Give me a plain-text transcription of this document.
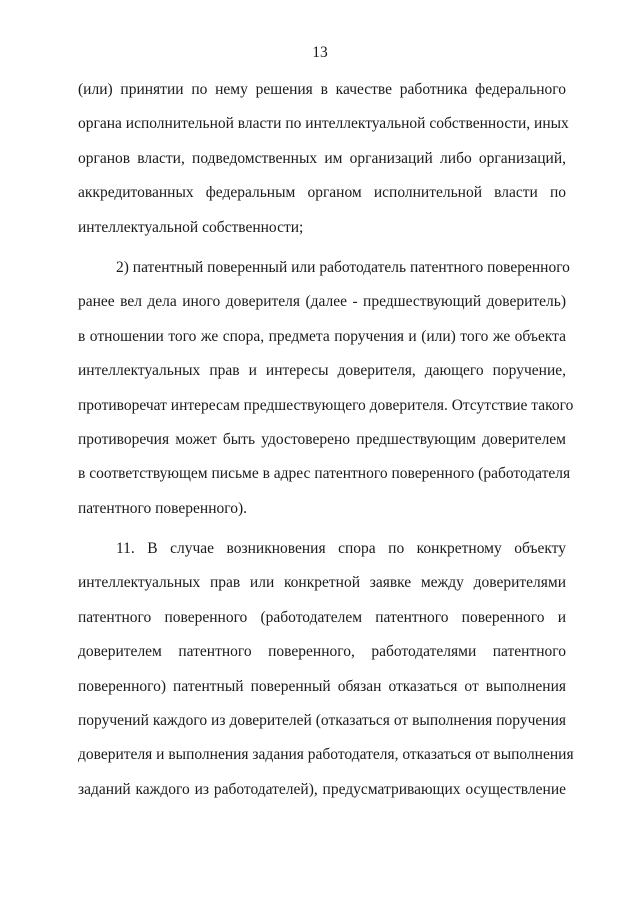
13
(или) принятии по нему решения в качестве работника федерального
органа исполнительной власти по интеллектуальной собственности, иных
органов власти, подведомственных им организаций либо организаций,
аккредитованных федеральным органом исполнительной власти по
интеллектуальной собственности;
2) патентный поверенный или работодатель патентного поверенного
ранее вел дела иного доверителя (далее - предшествующий доверитель)
в отношении того же спора, предмета поручения и (или) того же объекта
интеллектуальных прав и интересы доверителя, дающего поручение,
противоречат интересам предшествующего доверителя. Отсутствие такого
противоречия может быть удостоверено предшествующим доверителем
в соответствующем письме в адрес патентного поверенного (работодателя
патентного поверенного).
11. В случае возникновения спора по конкретному объекту
интеллектуальных прав или конкретной заявке между доверителями
патентного поверенного (работодателем патентного поверенного и
доверителем патентного поверенного, работодателями патентного
поверенного) патентный поверенный обязан отказаться от выполнения
поручений каждого из доверителей (отказаться от выполнения поручения
доверителя и выполнения задания работодателя, отказаться от выполнения
заданий каждого из работодателей), предусматривающих осуществление
